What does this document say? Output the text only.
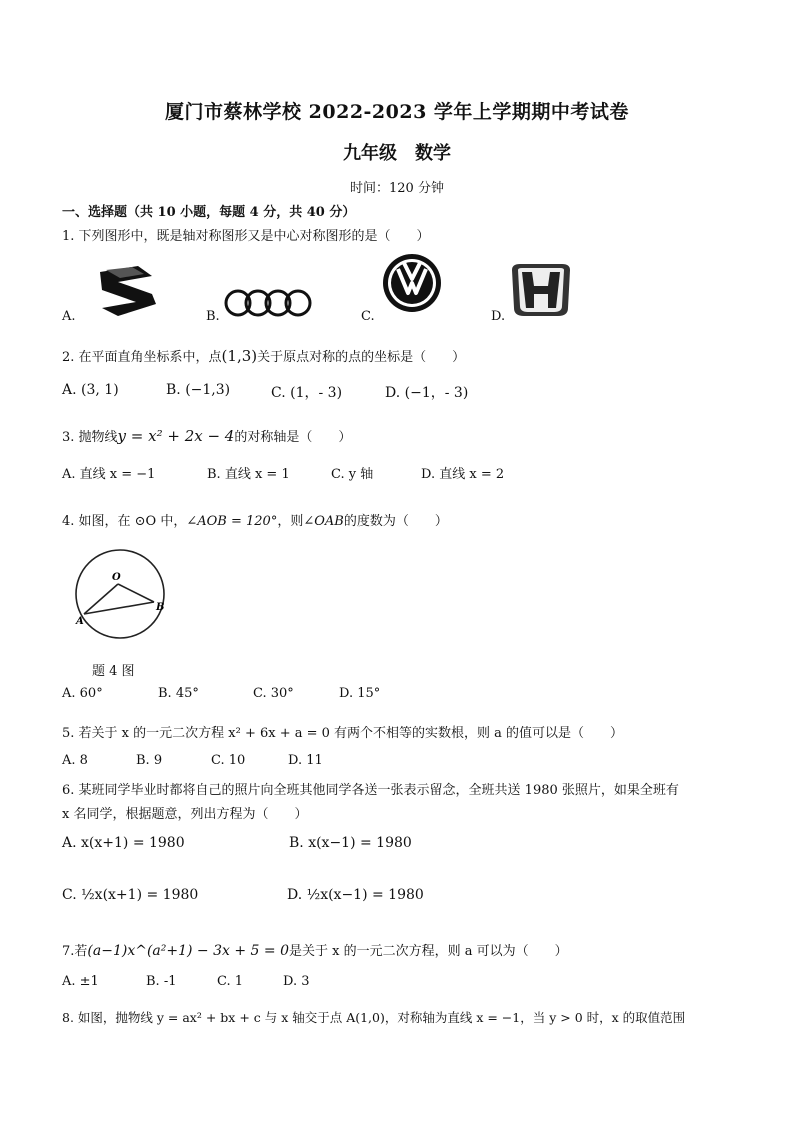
厦门市蔡林学校 2022-2023 学年上学期期中考试卷
九年级　数学
时间：120 分钟
一、选择题（共 10 小题，每题 4 分，共 40 分）
1. 下列图形中，既是轴对称图形又是中心对称图形的是（　　）
A.	B.	C.	D.
2. 在平面直角坐标系中，点(1,3)关于原点对称的点的坐标是（　　）
A. (3, 1)	B. (−1,3)	C. (1，- 3)	D. (−1，- 3)
3. 抛物线y = x² + 2x − 4的对称轴是（　　）
A. 直线 x = −1	B. 直线 x = 1	C. y 轴	D. 直线 x = 2
4. 如图，在 ⊙O 中，∠AOB = 120°，则∠OAB的度数为（　　）
O
A
B
题 4 图
A. 60°	B. 45°	C. 30°	D. 15°
5. 若关于 x 的一元二次方程 x² + 6x + a = 0 有两个不相等的实数根，则 a 的值可以是（　　）
A. 8	B. 9	C. 10	D. 11
6. 某班同学毕业时都将自己的照片向全班其他同学各送一张表示留念，全班共送 1980 张照片，如果全班有
x 名同学，根据题意，列出方程为（　　）
A. x(x+1) = 1980	B. x(x−1) = 1980
C. ½x(x+1) = 1980	D. ½x(x−1) = 1980
7.若(a−1)x^(a²+1) − 3x + 5 = 0是关于 x 的一元二次方程，则 a 可以为（　　）
A. ±1	B. -1	C. 1	D. 3
8. 如图，抛物线 y = ax² + bx + c 与 x 轴交于点 A(1,0)，对称轴为直线 x = −1，当 y > 0 时，x 的取值范围
